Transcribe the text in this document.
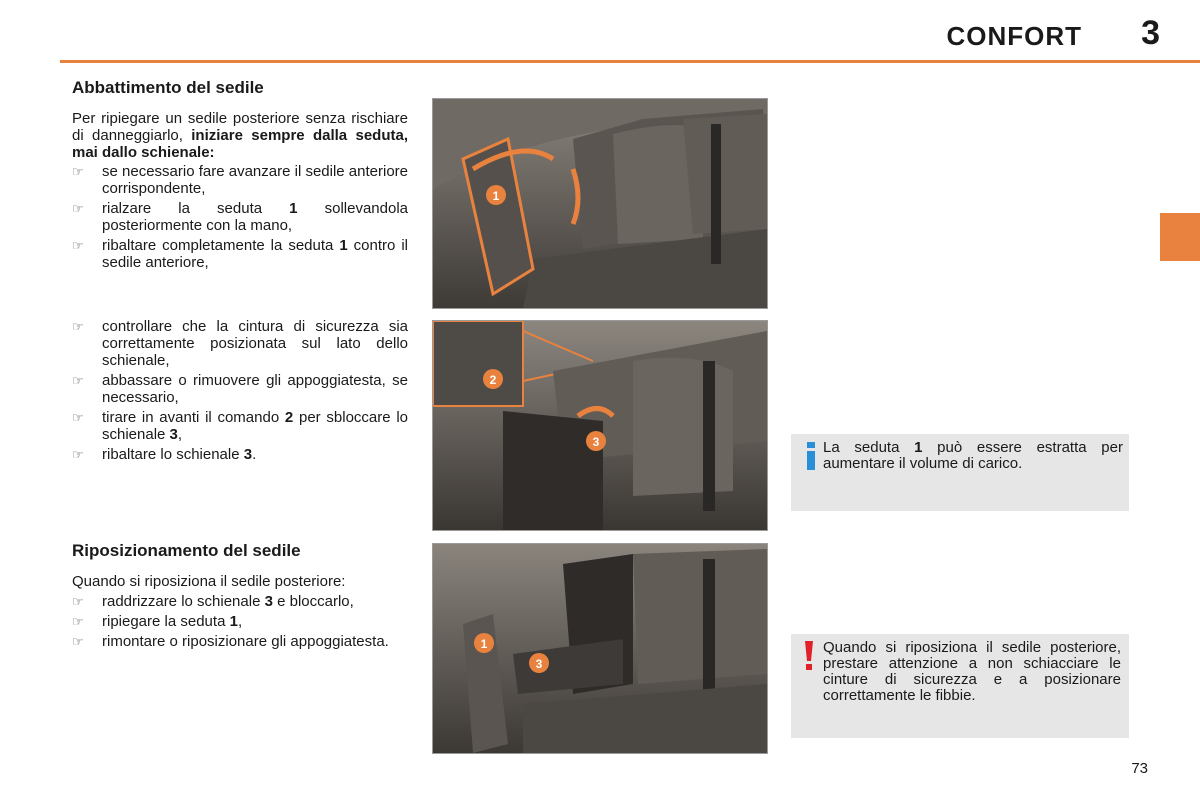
CONFORT 3
Abbattimento del sedile
Per ripiegare un sedile posteriore senza rischiare di danneggiarlo, iniziare sempre dalla seduta, mai dallo schienale:
☞ se necessario fare avanzare il sedile anteriore corrispondente,
☞ rialzare la seduta 1 sollevandola posteriormente con la mano,
☞ ribaltare completamente la seduta 1 contro il sedile anteriore,
☞ controllare che la cintura di sicurezza sia correttamente posizionata sul lato dello schienale,
☞ abbassare o rimuovere gli appoggiatesta, se necessario,
☞ tirare in avanti il comando 2 per sbloccare lo schienale 3,
☞ ribaltare lo schienale 3.
Riposizionamento del sedile
Quando si riposiziona il sedile posteriore:
☞ raddrizzare lo schienale 3 e bloccarlo,
☞ ripiegare la seduta 1,
☞ rimontare o riposizionare gli appoggiatesta.
1
2
3
1
3
La seduta 1 può essere estratta per aumentare il volume di carico.
Quando si riposiziona il sedile posteriore, prestare attenzione a non schiacciare le cinture di sicurezza e a posizionare correttamente le fibbie.
73
